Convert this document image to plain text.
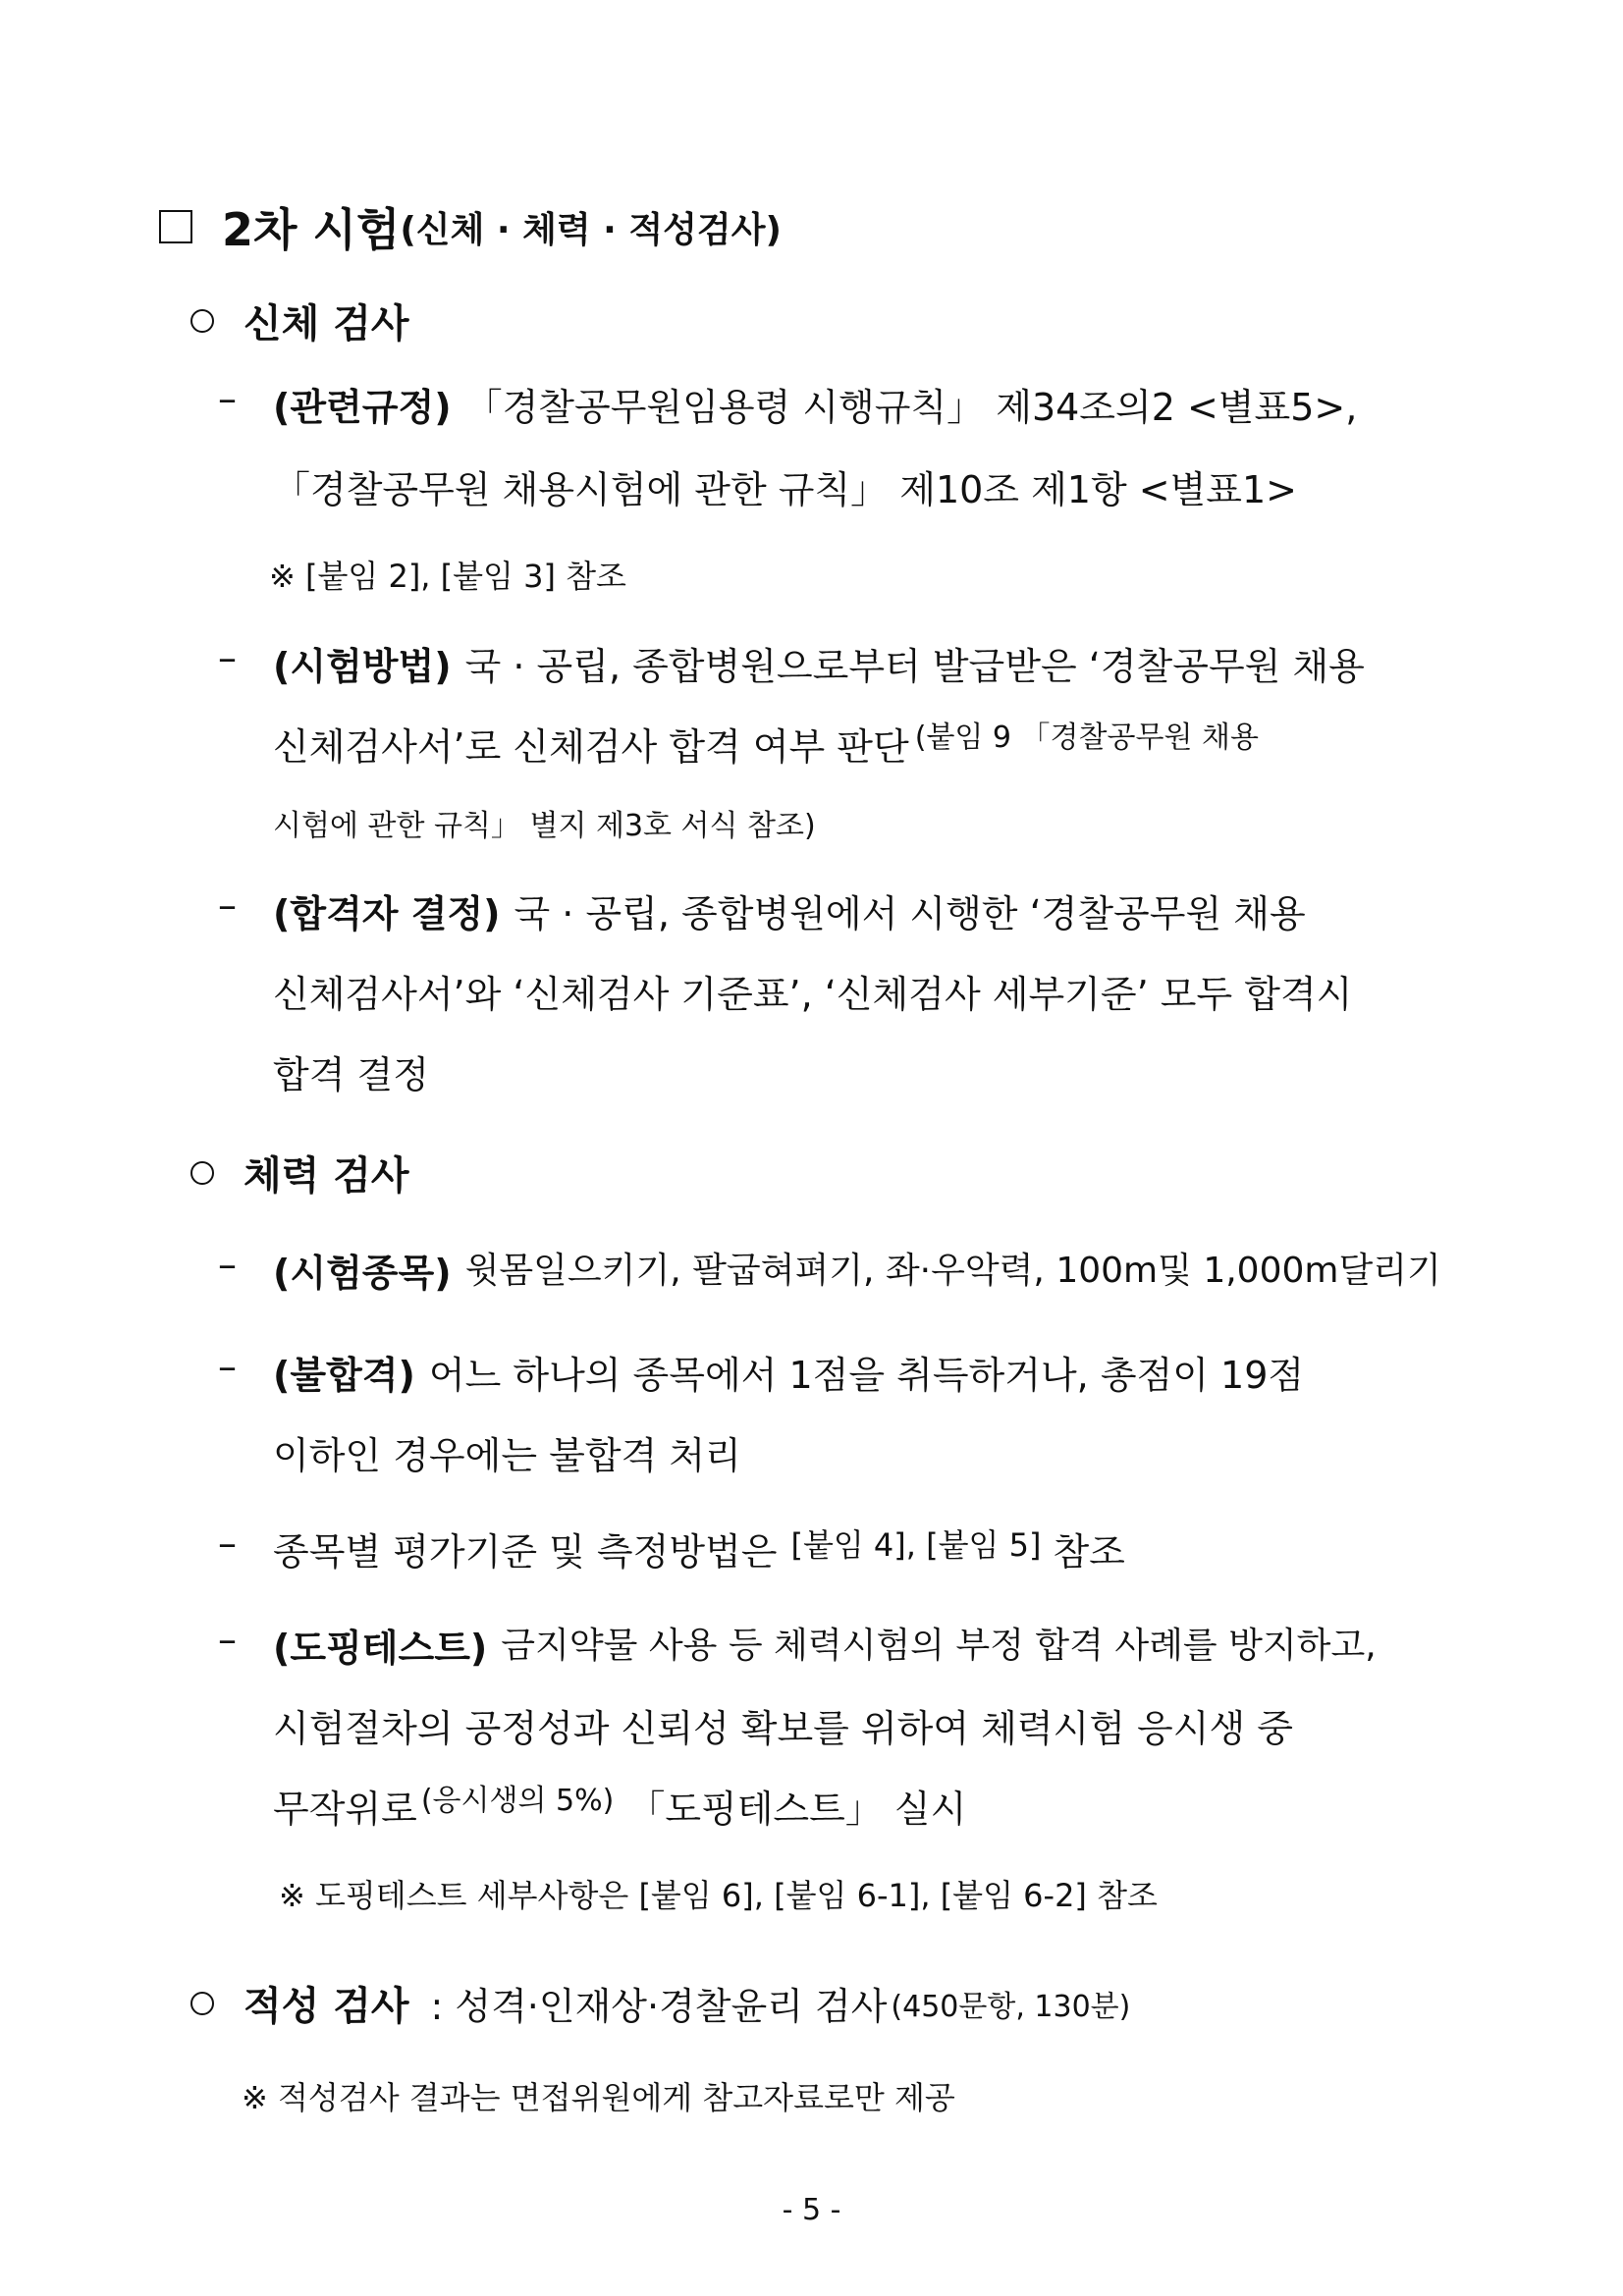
2차 시험 (신체 · 체력 · 적성검사)
신체 검사
– (관련규정) 「경찰공무원임용령 시행규칙」 제34조의2 <별표5>,
「경찰공무원 채용시험에 관한 규칙」 제10조 제1항 <별표1>
※ [붙임 2], [붙임 3] 참조
– (시험방법) 국 · 공립, 종합병원으로부터 발급받은 ‘경찰공무원 채용
신체검사서’로 신체검사 합격 여부 판단 (붙임 9 「경찰공무원 채용
시험에 관한 규칙」 별지 제3호 서식 참조)
– (합격자 결정) 국 · 공립, 종합병원에서 시행한 ‘경찰공무원 채용
신체검사서’와 ‘신체검사 기준표’, ‘신체검사 세부기준’ 모두 합격시
합격 결정
체력 검사
– (시험종목) 윗몸일으키기, 팔굽혀펴기, 좌·우악력, 100m및 1,000m달리기
– (불합격) 어느 하나의 종목에서 1점을 취득하거나, 총점이 19점
이하인 경우에는 불합격 처리
– 종목별 평가기준 및 측정방법은 [붙임 4], [붙임 5] 참조
– (도핑테스트) 금지약물 사용 등 체력시험의 부정 합격 사례를 방지하고,
시험절차의 공정성과 신뢰성 확보를 위하여 체력시험 응시생 중
무작위로 (응시생의 5%) 「도핑테스트」 실시
※ 도핑테스트 세부사항은 [붙임 6], [붙임 6-1], [붙임 6-2] 참조
적성 검사 : 성격·인재상·경찰윤리 검사 (450문항, 130분)
※ 적성검사 결과는 면접위원에게 참고자료로만 제공
- 5 -
